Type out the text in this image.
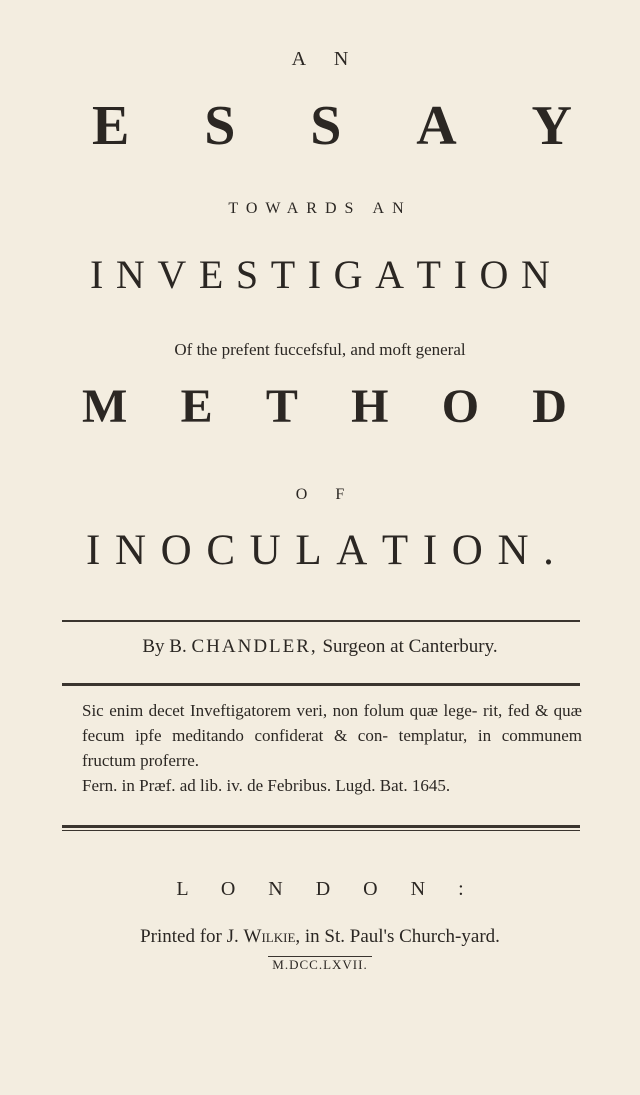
A N
E S S A Y
TOWARDS AN
I N V E S T I G A T I O N
Of the prefent fuccefsful, and moft general
M E T H O D
O F
I N O C U L A T I O N .
By B. CHANDLER, Surgeon at Canterbury.

Sic enim decet Inveftigatorem veri, non folum quæ lege- rit, fed & quæ fecum ipfe meditando confiderat & con- templatur, in communem fructum proferre.

Fern. in Præf. ad lib. iv. de Febribus. Lugd. Bat. 1645.

L O N D O N :
Printed for J. Wilkie, in St. Paul's Church-yard.
M.DCC.LXVII.
